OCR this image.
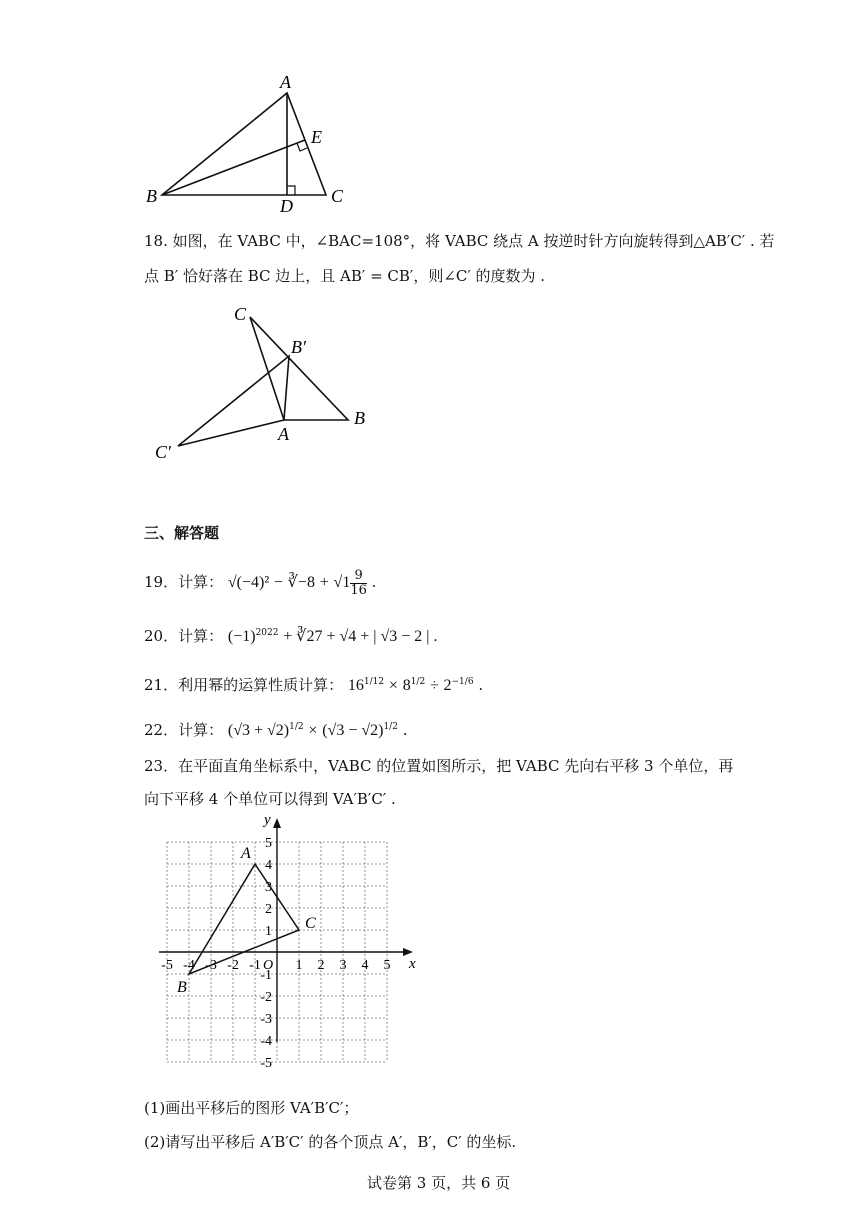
A
E
B	D C
18. 如图，在 VABC 中，∠BAC=108°，将 VABC 绕点 A 按逆时针方向旋转得到△AB′C′ . 若
点 B′ 恰好落在 BC 边上，且 AB′ = CB′，则∠C′ 的度数为 .
C
B′
B
A
C′
三、解答题
19．计算： √(−4)² − ∛−8 + $√1 \frac{9}{16}$ .
20．计算： $(-1)^{2022}$ + ∛27 + √4 + | √3 − 2 | .
21．利用幂的运算性质计算： $16^{1/12} \times 8^{1/2} \div 2^{-1/6}$ .
22．计算： $(√3 + √2)^{1/2} \times (√3 - √2)^{1/2}$ .
23．在平面直角坐标系中，VABC 的位置如图所示，把 VABC 先向右平移 3 个单位，再
向下平移 4 个单位可以得到 VA′B′C′ .
x
y
O
-5 -4 -3 -2 -1 1 2 3 4 5
5
4
3
2
1
-1
-2
-3
-4
-5
A
B
C
(1)画出平移后的图形 VA′B′C′；
(2)请写出平移后 A′B′C′ 的各个顶点 A′，B′，C′ 的坐标.
试卷第 3 页，共 6 页
